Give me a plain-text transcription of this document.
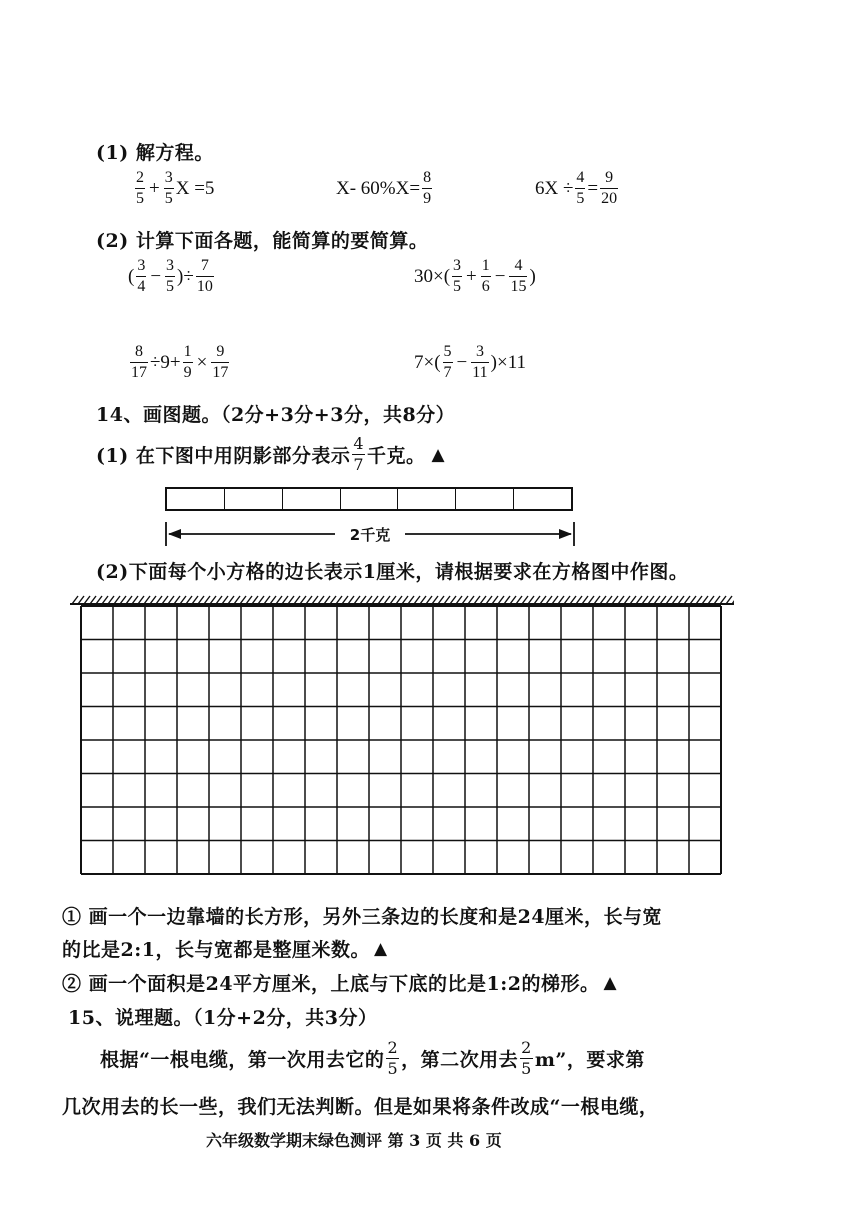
(1) 解方程。
$\frac{2}{5} + \frac{3}{5}$ X =5	X- $60\%X= \frac{8}{9}$	$6X \div \frac{4}{5} = \frac{9}{20}$
(2) 计算下面各题，能简算的要简算。
( $\frac{3}{4} - \frac{3}{5}$ ) ÷ $\frac{7}{10}$	$30\times( \frac{3}{5} + \frac{1}{6} - \frac{4}{15}$ )
$\frac{8}{17} \div 9+ \frac{1}{9} \times \frac{9}{17}$	$7\times( \frac{5}{7} - \frac{3}{11} )\times 11$
14、画图题。（2分+3分+3分，共8分）
(1) 在下图中用阴影部分表示 $\frac{4}{7}$ 千克。 ▲
2千克
(2)下面每个小方格的边长表示1厘米，请根据要求在方格图中作图。
① 画一个一边靠墙的长方形，另外三条边的长度和是24厘米，长与宽
的比是2:1，长与宽都是整厘米数。 ▲
② 画一个面积是24平方厘米，上底与下底的比是1:2的梯形。 ▲
15、说理题。（1分+2分，共3分）
根据“一根电缆，第一次用去它的 $\frac{2}{5}$ ，第二次用去 $\frac{2}{5} m$”，要求第
几次用去的长一些，我们无法判断。但是如果将条件改成“一根电缆，
六年级数学期末绿色测评 第 3 页 共 6 页
